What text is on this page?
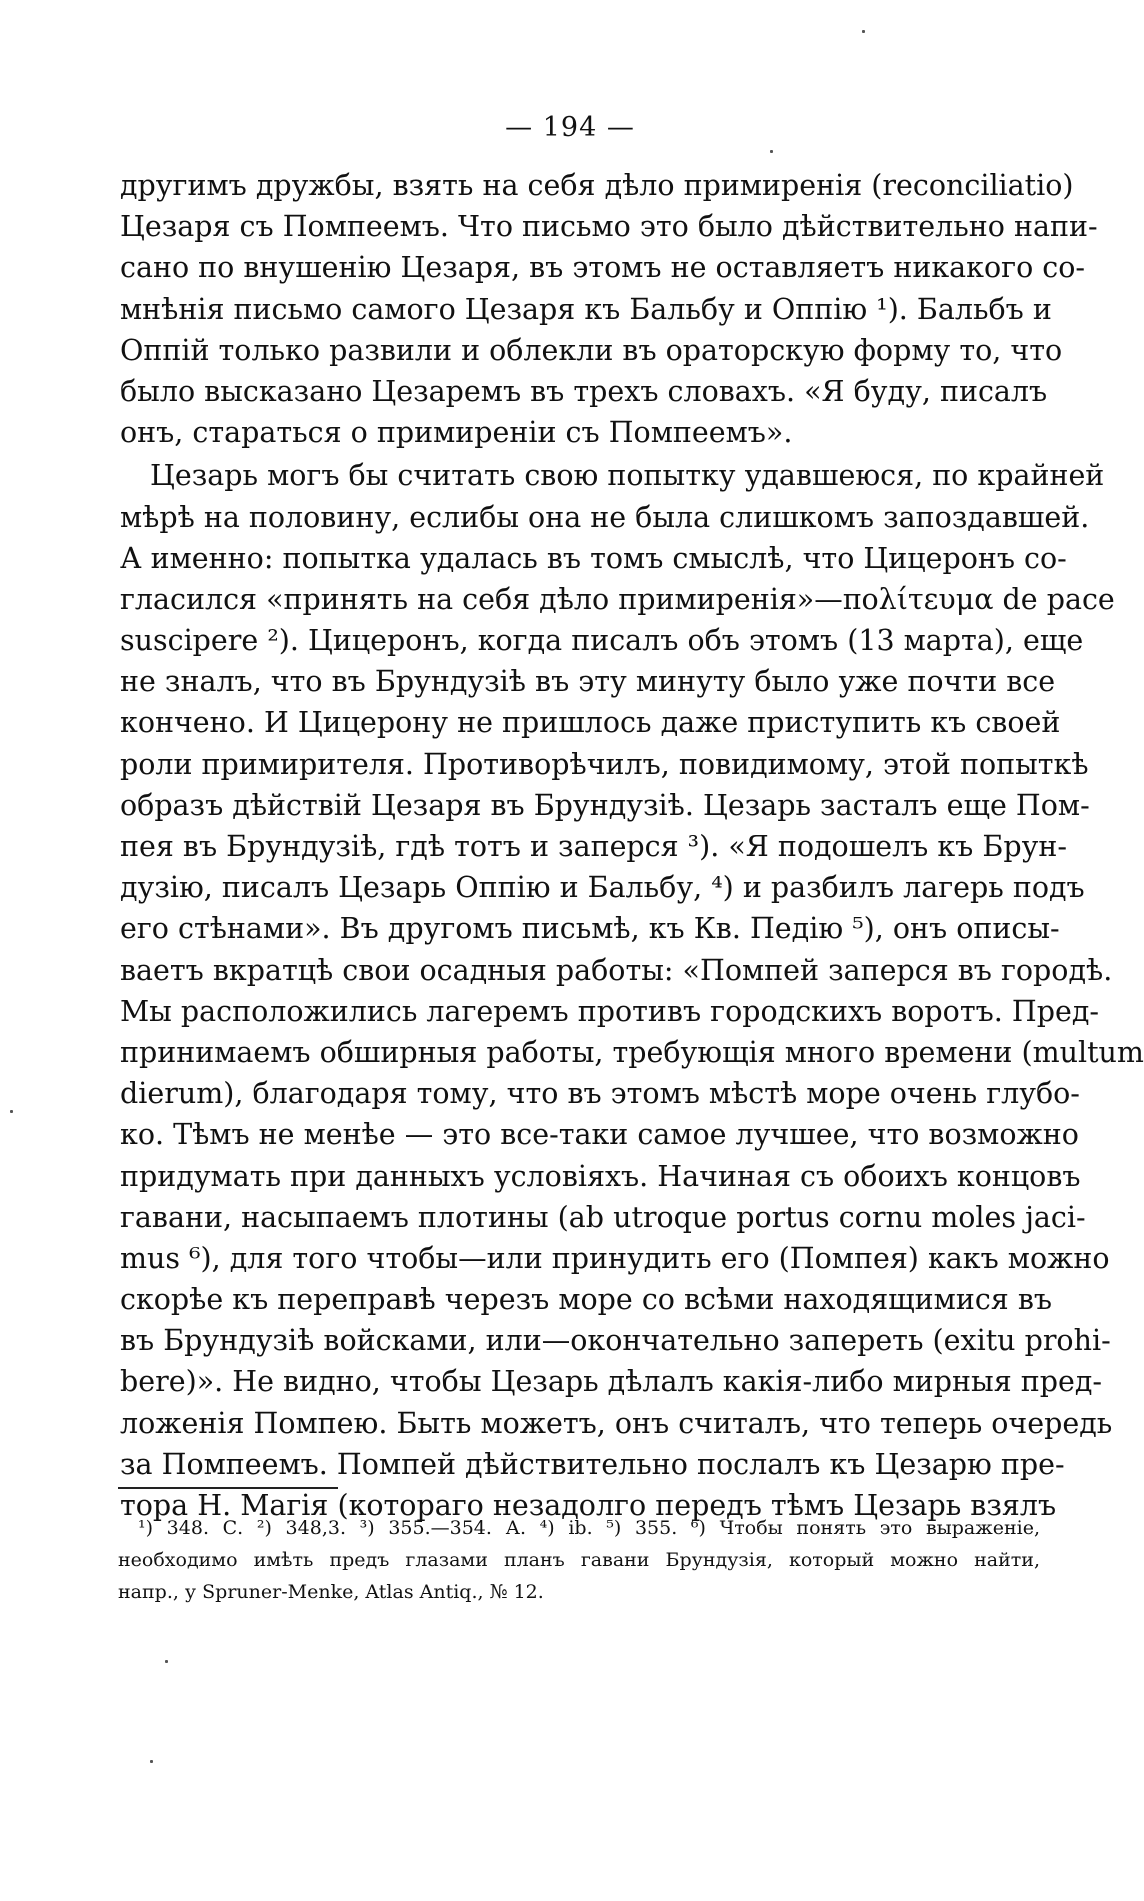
— 194 —
другимъ дружбы, взять на себя дѣло примиренія (reconciliatio)
Цезаря съ Помпеемъ. Что письмо это было дѣйствительно напи-
сано по внушенію Цезаря, въ этомъ не оставляетъ никакого со-
мнѣнія письмо самого Цезаря къ Бальбу и Оппію ¹). Бальбъ и
Оппій только развили и облекли въ ораторскую форму то, что
было высказано Цезаремъ въ трехъ словахъ. «Я буду, писалъ
онъ, стараться о примиреніи съ Помпеемъ».
Цезарь могъ бы считать свою попытку удавшеюся, по крайней
мѣрѣ на половину, еслибы она не была слишкомъ запоздавшей.
А именно: попытка удалась въ томъ смыслѣ, что Цицеронъ со-
гласился «принять на себя дѣло примиренія»—πολίτευμα de pace
suscipere ²). Цицеронъ, когда писалъ объ этомъ (13 марта), еще
не зналъ, что въ Брундузіѣ въ эту минуту было уже почти все
кончено. И Цицерону не пришлось даже приступить къ своей
роли примирителя. Противорѣчилъ, повидимому, этой попыткѣ
образъ дѣйствій Цезаря въ Брундузіѣ. Цезарь засталъ еще Пом-
пея въ Брундузіѣ, гдѣ тотъ и заперся ³). «Я подошелъ къ Брун-
дузію, писалъ Цезарь Оппію и Бальбу, ⁴) и разбилъ лагерь подъ
его стѣнами». Въ другомъ письмѣ, къ Кв. Педію ⁵), онъ описы-
ваетъ вкратцѣ свои осадныя работы: «Помпей заперся въ городѣ.
Мы расположились лагеремъ противъ городскихъ воротъ. Пред-
принимаемъ обширныя работы, требующія много времени (multum
dierum), благодаря тому, что въ этомъ мѣстѣ море очень глубо-
ко. Тѣмъ не менѣе — это все-таки самое лучшее, что возможно
придумать при данныхъ условіяхъ. Начиная съ обоихъ концовъ
гавани, насыпаемъ плотины (ab utroque portus cornu moles jaci-
mus ⁶), для того чтобы—или принудить его (Помпея) какъ можно
скорѣе къ переправѣ черезъ море со всѣми находящимися въ
въ Брундузіѣ войсками, или—окончательно запереть (exitu prohi-
bere)». Не видно, чтобы Цезарь дѣлалъ какія-либо мирныя пред-
ложенія Помпею. Быть можетъ, онъ считалъ, что теперь очередь
за Помпеемъ. Помпей дѣйствительно послалъ къ Цезарю пре-
тора Н. Магія (котораго незадолго передъ тѣмъ Цезарь взялъ
¹) 348. С. ²) 348,3. ³) 355.—354. А. ⁴) ib. ⁵) 355. ⁶) Чтобы понять это выраженіе,
необходимо имѣть предъ глазами планъ гавани Брундузія, который можно найти,
напр., у Spruner-Menke, Atlas Antiq., № 12.
